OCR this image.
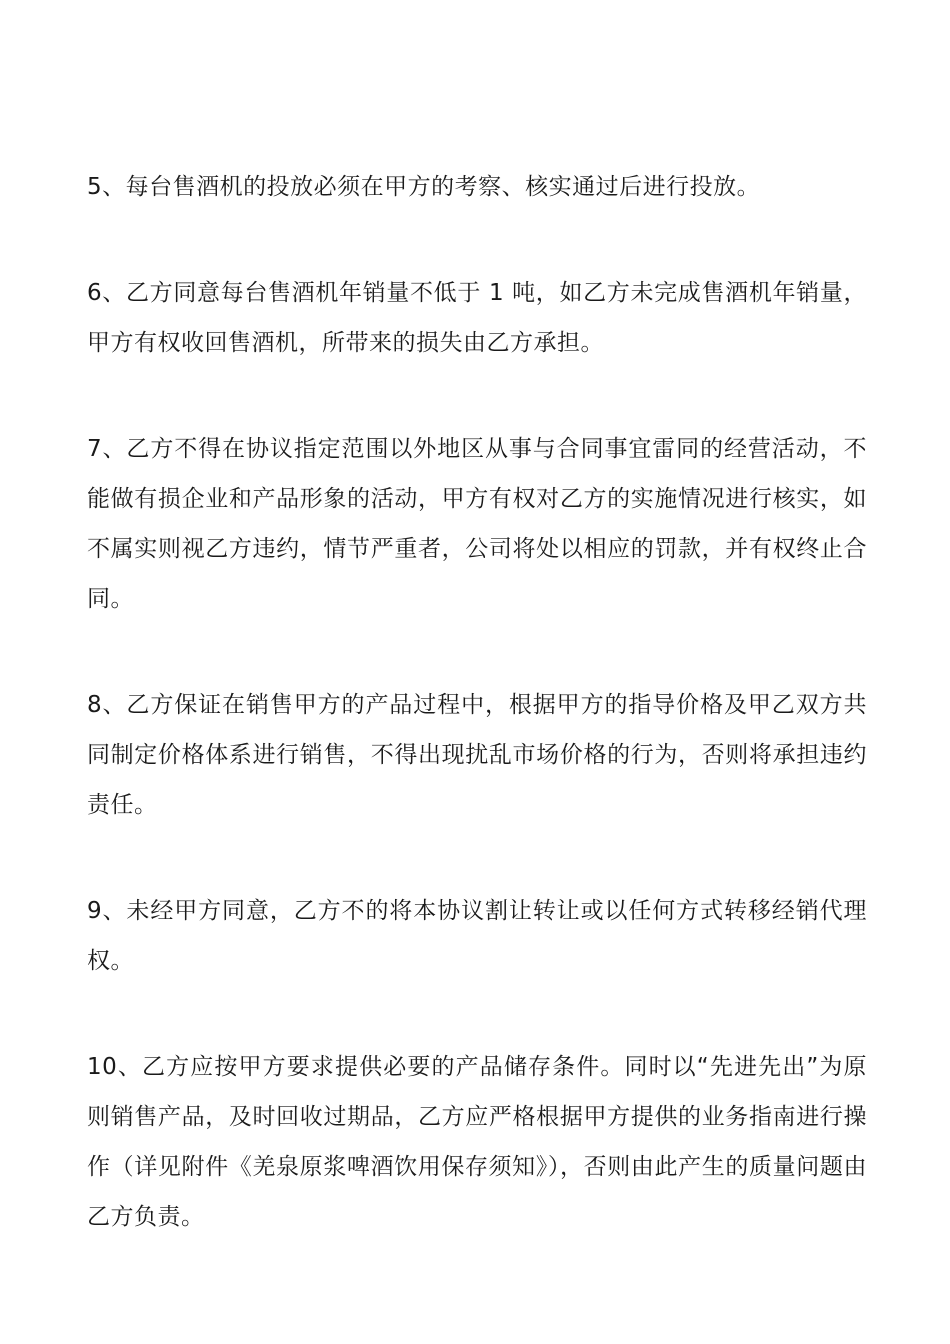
5、每台售酒机的投放必须在甲方的考察、核实通过后进行投放。

6、乙方同意每台售酒机年销量不低于 1 吨，如乙方未完成售酒机年销量，甲方有权收回售酒机，所带来的损失由乙方承担。

7、乙方不得在协议指定范围以外地区从事与合同事宜雷同的经营活动，不能做有损企业和产品形象的活动，甲方有权对乙方的实施情况进行核实，如不属实则视乙方违约，情节严重者，公司将处以相应的罚款，并有权终止合同。

8、乙方保证在销售甲方的产品过程中，根据甲方的指导价格及甲乙双方共同制定价格体系进行销售，不得出现扰乱市场价格的行为，否则将承担违约责任。

9、未经甲方同意，乙方不的将本协议割让转让或以任何方式转移经销代理权。

10、乙方应按甲方要求提供必要的产品储存条件。同时以“先进先出”为原则销售产品，及时回收过期品，乙方应严格根据甲方提供的业务指南进行操作（详见附件《羌泉原浆啤酒饮用保存须知》），否则由此产生的质量问题由乙方负责。
